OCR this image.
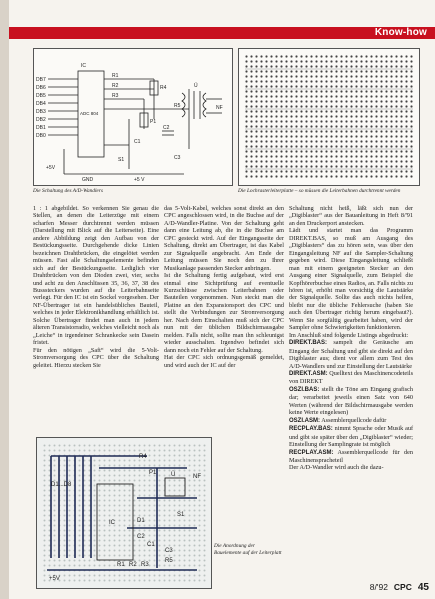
Know-how
DB7
DB6
DB5
DB4
DB3
DB2
DB1
DB0
IC
ADC 804
R4
P1
C2
C1
R5
R1
R2
R3
C3
S1
Ü
NF
+5V
+5 V
GND
Die Schaltung des A/D-Wandlers	Die Lochrasterleiterplatte – so müssen die Leiterbahnen durchtrennt werden

1 : 1 abgebildet. So verkennen Sie genau die Stellen, an denen die Leiterzüge mit einem scharfen Messer durchtrennt werden müssen (Darstellung mit Blick auf die Leiterseite). Eine andere Abbildung zeigt den Aufbau von der Bestückungsseite. Durchgehende dicke Linien bezeichnen Drahtbrücken, die eingelötet werden müssen. Fast alle Schaltungselemente befinden sich auf der Bestückungsseite. Lediglich vier Drahtbrücken von den Dioden zwei, vier, sechs und acht zu den Anschlüssen 35, 36, 37, 38 des Busssteckers wurden auf die Leiterbahnseite verlegt. Für den IC ist ein Sockel vorgesehen. Der NF-Übertrager ist ein handelsübliches Bauteil, welches in jeder Elektronikhandlung erhältlich ist. Solche Übertrager findet man auch in jedem älteren Transistorradio, welches vielleicht noch als „Leiche“ in irgendeiner Schrankecke sein Dasein fristet.

Für den nötigen „Saft“ wird die 5-Volt-Stromversorgung des CPC über die Schaltung geleitet. Hierzu stecken Sie

das 5-Volt-Kabel, welches sonst direkt an den CPC angeschlossen wird, in die Buchse auf der A/D-Wandler-Platine. Von der Schaltung geht dann eine Leitung ab, die in die Buchse am CPC gesteckt wird. Auf der Eingangsseite der Schaltung, direkt am Übertrager, ist das Kabel zur Signalquelle angebracht. Am Ende der Leitung müssen Sie noch den zu Ihrer Musikanlage passenden Stecker anbringen.

Ist die Schaltung fertig aufgebaut, wird erst einmal eine Sichtprüfung auf eventuelle Kurzschlüsse zwischen Leiterbahnen oder Bauteilen vorgenommen. Nun steckt man die Platine an den Expansionsport des CPC und stellt die Verbindungen zur Stromversorgung her. Nach dem Einschalten muß sich der CPC nun mit der üblichen Bildschirmausgabe melden. Falls nicht, sollte man ihn schleunigst wieder ausschalten. Irgendwo befindet sich dann noch ein Fehler auf der Schaltung.

Hat der CPC sich ordnungsgemäß gemeldet, und wird auch der IC auf der

Schaltung nicht heiß, läßt sich nun der „Digiblaster“ aus der Bauanleitung in Heft 8/'91 an den Druckerport anstecken.

Lädt und startet man das Programm DIREKT.BAS, so muß am Ausgang des „Digiblasters“ das zu hören sein, was über den Eingangsleitung NF auf die Sampler-Schaltung gegeben wird. Diese Eingangsleitung schließt man mit einem geeigneten Stecker an den Ausgang einer Signalquelle, zum Beispiel die Kopfhörerbuchse eines Radios, an. Falls nichts zu hören ist, erhöht man vorsichtig die Lautstärke der Signalquelle. Sollte das auch nichts helfen, bleibt nur die übliche Fehlersuche (haben Sie auch den Übertrager richtig herum eingebaut?). Wenn Sie sorgfältig gearbeitet haben, wird der Sampler ohne Schwierigkeiten funktionieren.

Im Anschluß sind folgende Listings abgedruckt:

DIREKT.BAS: sampelt die Geräusche am Eingang der Schaltung und gibt sie direkt auf den Digiblaster aus; dient vor allem zum Test des A/D-Wandlers und zur Einstellung der Lautstärke

DIREKT.ASM: Quelltext des Maschinencodeteils von DIREKT

OSZI.BAS: stellt die Töne am Eingang grafisch dar; verarbeitet jeweils einen Satz von 640 Werten (während der Bildschirmausgabe werden keine Werte eingelesen)

OSZI.ASM: Assemblerquellcode dafür

RECPLAY.BAS: nimmt Sprache oder Musik auf und gibt sie später über den „Digiblaster“ wieder; Einstellung der Samplingrate ist möglich

RECPLAY.ASM: Assemblerquellcode für den Maschinenspracheteil

Der A/D-Wandler wird auch die dazu-

D1...D8
R4
P1 Ü	NF
S1
D1
C2
C1
C3
R5
R1 R2 R3
IC
+5V
Die Anordnung der Bauelemente auf der Leiterplatt
8/'92 CPC 45
